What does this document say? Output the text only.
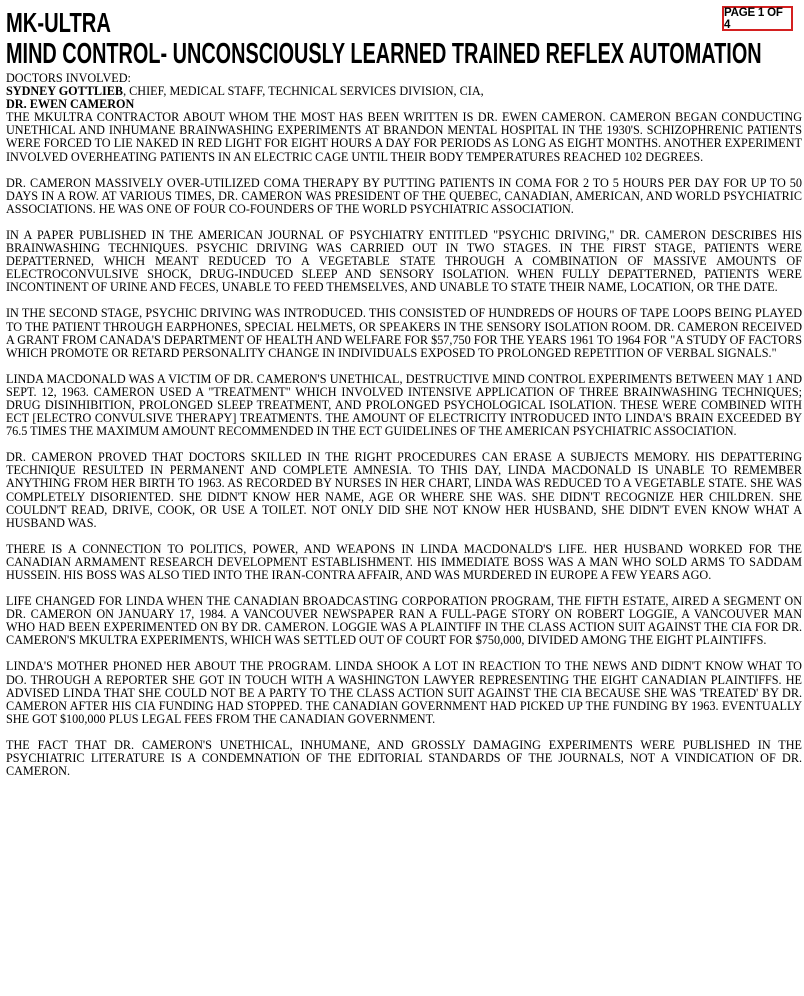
PAGE 1 OF 4
MK-ULTRA
MIND CONTROL- UNCONSCIOUSLY LEARNED TRAINED REFLEX AUTOMATION
DOCTORS INVOLVED:
SYDNEY GOTTLIEB, CHIEF, MEDICAL STAFF, TECHNICAL SERVICES DIVISION, CIA,
DR. EWEN CAMERON
THE MKULTRA CONTRACTOR ABOUT WHOM THE MOST HAS BEEN WRITTEN IS DR. EWEN CAMERON. CAMERON BEGAN CONDUCTING UNETHICAL AND INHUMANE BRAINWASHING EXPERIMENTS AT BRANDON MENTAL HOSPITAL IN THE 1930'S. SCHIZOPHRENIC PATIENTS WERE FORCED TO LIE NAKED IN RED LIGHT FOR EIGHT HOURS A DAY FOR PERIODS AS LONG AS EIGHT MONTHS. ANOTHER EXPERIMENT INVOLVED OVERHEATING PATIENTS IN AN ELECTRIC CAGE UNTIL THEIR BODY TEMPERATURES REACHED 102 DEGREES.
DR. CAMERON MASSIVELY OVER-UTILIZED COMA THERAPY BY PUTTING PATIENTS IN COMA FOR 2 TO 5 HOURS PER DAY FOR UP TO 50 DAYS IN A ROW. AT VARIOUS TIMES, DR. CAMERON WAS PRESIDENT OF THE QUEBEC, CANADIAN, AMERICAN, AND WORLD PSYCHIATRIC ASSOCIATIONS. HE WAS ONE OF FOUR CO-FOUNDERS OF THE WORLD PSYCHIATRIC ASSOCIATION.
IN A PAPER PUBLISHED IN THE AMERICAN JOURNAL OF PSYCHIATRY ENTITLED "PSYCHIC DRIVING," DR. CAMERON DESCRIBES HIS BRAINWASHING TECHNIQUES. PSYCHIC DRIVING WAS CARRIED OUT IN TWO STAGES. IN THE FIRST STAGE, PATIENTS WERE DEPATTERNED, WHICH MEANT REDUCED TO A VEGETABLE STATE THROUGH A COMBINATION OF MASSIVE AMOUNTS OF ELECTROCONVULSIVE SHOCK, DRUG-INDUCED SLEEP AND SENSORY ISOLATION. WHEN FULLY DEPATTERNED, PATIENTS WERE INCONTINENT OF URINE AND FECES, UNABLE TO FEED THEMSELVES, AND UNABLE TO STATE THEIR NAME, LOCATION, OR THE DATE.
IN THE SECOND STAGE, PSYCHIC DRIVING WAS INTRODUCED. THIS CONSISTED OF HUNDREDS OF HOURS OF TAPE LOOPS BEING PLAYED TO THE PATIENT THROUGH EARPHONES, SPECIAL HELMETS, OR SPEAKERS IN THE SENSORY ISOLATION ROOM. DR. CAMERON RECEIVED A GRANT FROM CANADA'S DEPARTMENT OF HEALTH AND WELFARE FOR $57,750 FOR THE YEARS 1961 TO 1964 FOR "A STUDY OF FACTORS WHICH PROMOTE OR RETARD PERSONALITY CHANGE IN INDIVIDUALS EXPOSED TO PROLONGED REPETITION OF VERBAL SIGNALS."
LINDA MACDONALD WAS A VICTIM OF DR. CAMERON'S UNETHICAL, DESTRUCTIVE MIND CONTROL EXPERIMENTS BETWEEN MAY 1 AND SEPT. 12, 1963. CAMERON USED A "TREATMENT" WHICH INVOLVED INTENSIVE APPLICATION OF THREE BRAINWASHING TECHNIQUES; DRUG DISINHIBITION, PROLONGED SLEEP TREATMENT, AND PROLONGED PSYCHOLOGICAL ISOLATION. THESE WERE COMBINED WITH ECT [ELECTRO CONVULSIVE THERAPY] TREATMENTS. THE AMOUNT OF ELECTRICITY INTRODUCED INTO LINDA'S BRAIN EXCEEDED BY 76.5 TIMES THE MAXIMUM AMOUNT RECOMMENDED IN THE ECT GUIDELINES OF THE AMERICAN PSYCHIATRIC ASSOCIATION.
DR. CAMERON PROVED THAT DOCTORS SKILLED IN THE RIGHT PROCEDURES CAN ERASE A SUBJECTS MEMORY. HIS DEPATTERING TECHNIQUE RESULTED IN PERMANENT AND COMPLETE AMNESIA. TO THIS DAY, LINDA MACDONALD IS UNABLE TO REMEMBER ANYTHING FROM HER BIRTH TO 1963. AS RECORDED BY NURSES IN HER CHART, LINDA WAS REDUCED TO A VEGETABLE STATE. SHE WAS COMPLETELY DISORIENTED. SHE DIDN'T KNOW HER NAME, AGE OR WHERE SHE WAS. SHE DIDN'T RECOGNIZE HER CHILDREN. SHE COULDN'T READ, DRIVE, COOK, OR USE A TOILET. NOT ONLY DID SHE NOT KNOW HER HUSBAND, SHE DIDN'T EVEN KNOW WHAT A HUSBAND WAS.
THERE IS A CONNECTION TO POLITICS, POWER, AND WEAPONS IN LINDA MACDONALD'S LIFE. HER HUSBAND WORKED FOR THE CANADIAN ARMAMENT RESEARCH DEVELOPMENT ESTABLISHMENT. HIS IMMEDIATE BOSS WAS A MAN WHO SOLD ARMS TO SADDAM HUSSEIN. HIS BOSS WAS ALSO TIED INTO THE IRAN-CONTRA AFFAIR, AND WAS MURDERED IN EUROPE A FEW YEARS AGO.
LIFE CHANGED FOR LINDA WHEN THE CANADIAN BROADCASTING CORPORATION PROGRAM, THE FIFTH ESTATE, AIRED A SEGMENT ON DR. CAMERON ON JANUARY 17, 1984. A VANCOUVER NEWSPAPER RAN A FULL-PAGE STORY ON ROBERT LOGGIE, A VANCOUVER MAN WHO HAD BEEN EXPERIMENTED ON BY DR. CAMERON. LOGGIE WAS A PLAINTIFF IN THE CLASS ACTION SUIT AGAINST THE CIA FOR DR. CAMERON'S MKULTRA EXPERIMENTS, WHICH WAS SETTLED OUT OF COURT FOR $750,000, DIVIDED AMONG THE EIGHT PLAINTIFFS.
LINDA'S MOTHER PHONED HER ABOUT THE PROGRAM. LINDA SHOOK A LOT IN REACTION TO THE NEWS AND DIDN'T KNOW WHAT TO DO. THROUGH A REPORTER SHE GOT IN TOUCH WITH A WASHINGTON LAWYER REPRESENTING THE EIGHT CANADIAN PLAINTIFFS. HE ADVISED LINDA THAT SHE COULD NOT BE A PARTY TO THE CLASS ACTION SUIT AGAINST THE CIA BECAUSE SHE WAS 'TREATED' BY DR. CAMERON AFTER HIS CIA FUNDING HAD STOPPED. THE CANADIAN GOVERNMENT HAD PICKED UP THE FUNDING BY 1963. EVENTUALLY SHE GOT $100,000 PLUS LEGAL FEES FROM THE CANADIAN GOVERNMENT.
THE FACT THAT DR. CAMERON'S UNETHICAL, INHUMANE, AND GROSSLY DAMAGING EXPERIMENTS WERE PUBLISHED IN THE PSYCHIATRIC LITERATURE IS A CONDEMNATION OF THE EDITORIAL STANDARDS OF THE JOURNALS, NOT A VINDICATION OF DR. CAMERON.
